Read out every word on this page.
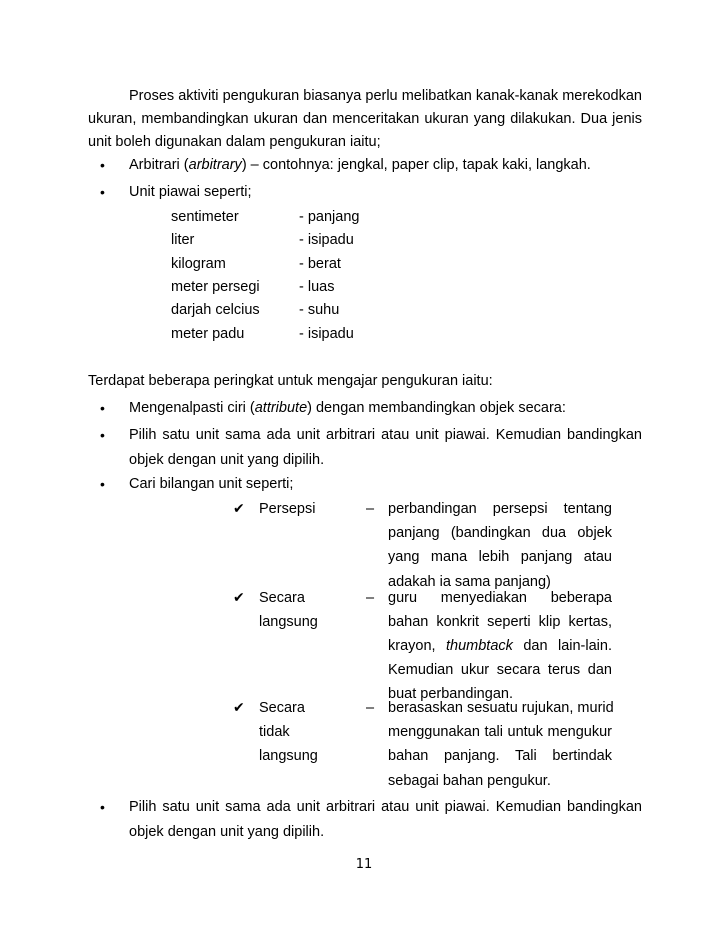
Proses aktiviti pengukuran biasanya perlu melibatkan kanak-kanak merekodkan
ukuran, membandingkan ukuran dan menceritakan ukuran yang dilakukan. Dua jenis
unit boleh digunakan dalam pengukuran iaitu;
• Arbitrari (arbitrary) – contohnya: jengkal, paper clip, tapak kaki, langkah.
• Unit piawai seperti;
sentimeter	- panjang
liter	- isipadu
kilogram	- berat
meter persegi	- luas
darjah celcius	- suhu
meter padu	- isipadu
Terdapat beberapa peringkat untuk mengajar pengukuran iaitu:
• Mengenalpasti ciri (attribute) dengan membandingkan objek secara:
• Pilih satu unit sama ada unit arbitrari atau unit piawai. Kemudian bandingkan
objek dengan unit yang dipilih.
• Cari bilangan unit seperti;
✔ Persepsi	– perbandingan persepsi tentang
panjang (bandingkan dua objek
yang mana lebih panjang atau
adakah ia sama panjang)
✔ Secara
langsung
– guru menyediakan beberapa
bahan konkrit seperti klip kertas,
krayon, thumbtack dan lain-lain.
Kemudian ukur secara terus dan
buat perbandingan.
✔ Secara
tidak
langsung
– berasaskan sesuatu rujukan, murid
menggunakan tali untuk mengukur
bahan panjang. Tali bertindak
sebagai bahan pengukur.
• Pilih satu unit sama ada unit arbitrari atau unit piawai. Kemudian bandingkan
objek dengan unit yang dipilih.
11
